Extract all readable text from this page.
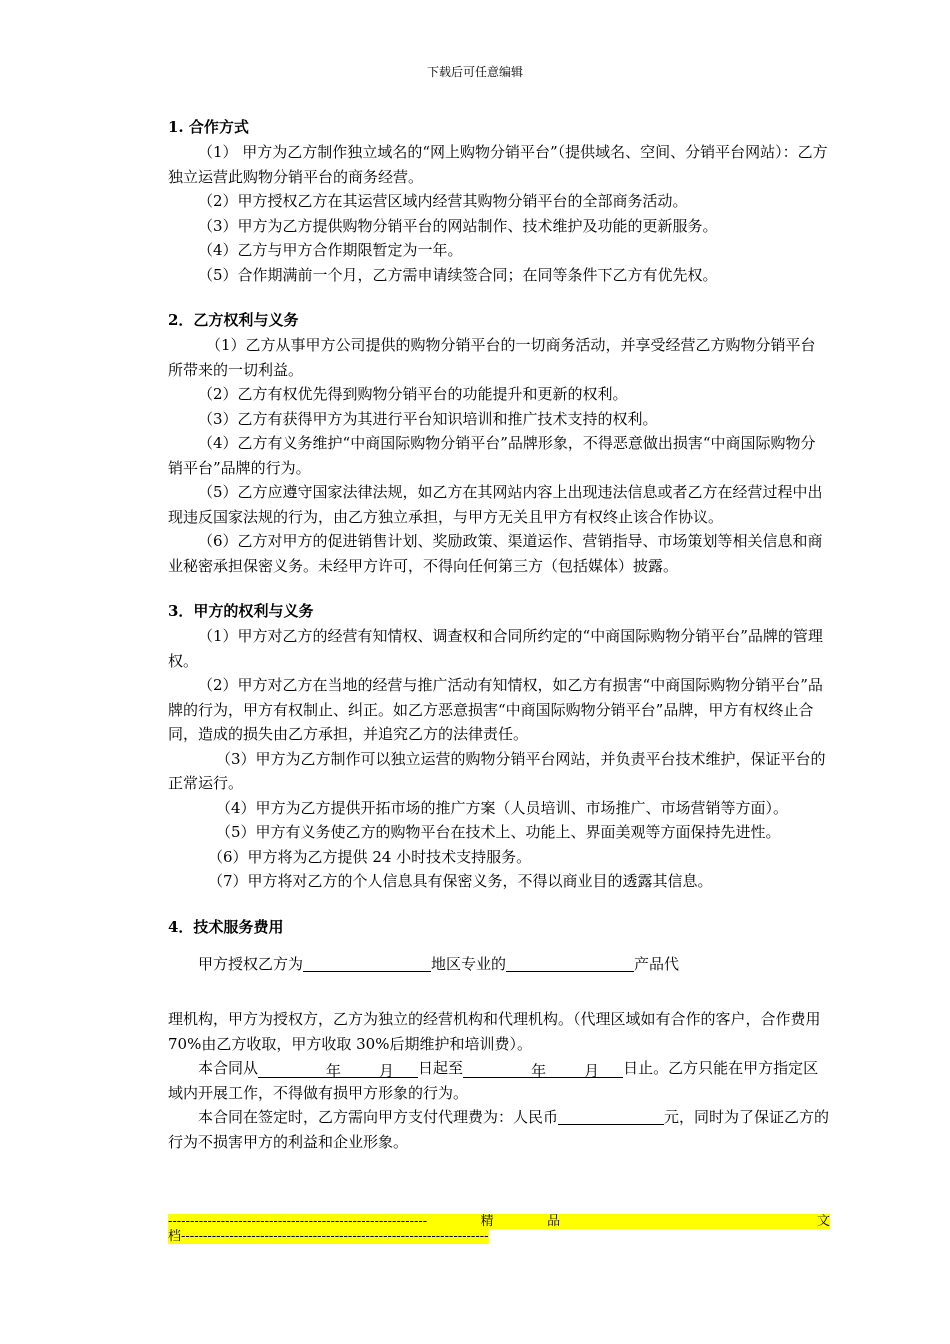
下载后可任意编辑
1. 合作方式

（1） 甲方为乙方制作独立域名的“网上购物分销平台”（提供域名、空间、分销平台网站）：乙方独立运营此购物分销平台的商务经营。

（2）甲方授权乙方在其运营区域内经营其购物分销平台的全部商务活动。

（3）甲方为乙方提供购物分销平台的网站制作、技术维护及功能的更新服务。

（4）乙方与甲方合作期限暂定为一年。

（5）合作期满前一个月，乙方需申请续签合同；在同等条件下乙方有优先权。

2．乙方权利与义务

（1）乙方从事甲方公司提供的购物分销平台的一切商务活动，并享受经营乙方购物分销平台所带来的一切利益。

（2）乙方有权优先得到购物分销平台的功能提升和更新的权利。

（3）乙方有获得甲方为其进行平台知识培训和推广技术支持的权利。

（4）乙方有义务维护“中商国际购物分销平台”品牌形象，不得恶意做出损害“中商国际购物分销平台”品牌的行为。

（5）乙方应遵守国家法律法规，如乙方在其网站内容上出现违法信息或者乙方在经营过程中出现违反国家法规的行为，由乙方独立承担，与甲方无关且甲方有权终止该合作协议。

（6）乙方对甲方的促进销售计划、奖励政策、渠道运作、营销指导、市场策划等相关信息和商业秘密承担保密义务。未经甲方许可，不得向任何第三方（包括媒体）披露。

3．甲方的权利与义务

（1）甲方对乙方的经营有知情权、调查权和合同所约定的“中商国际购物分销平台”品牌的管理权。

（2）甲方对乙方在当地的经营与推广活动有知情权，如乙方有损害“中商国际购物分销平台”品牌的行为，甲方有权制止、纠正。如乙方恶意损害“中商国际购物分销平台”品牌，甲方有权终止合同，造成的损失由乙方承担，并追究乙方的法律责任。

（3）甲方为乙方制作可以独立运营的购物分销平台网站，并负责平台技术维护，保证平台的正常运行。

（4）甲方为乙方提供开拓市场的推广方案（人员培训、市场推广、市场营销等方面）。

（5）甲方有义务使乙方的购物平台在技术上、功能上、界面美观等方面保持先进性。

（6）甲方将为乙方提供 24 小时技术支持服务。

（7）甲方将对乙方的个人信息具有保密义务，不得以商业目的透露其信息。

4．技术服务费用

甲方授权乙方为	地区专业的	产品代

理机构，甲方为授权方，乙方为独立的经营机构和代理机构。（代理区域如有合作的客户，合作费用 70%由乙方收取，甲方收取 30%后期维护和培训费）。

本合同从	年	月 日起至	年	月 日止。乙方只能在甲方指定区域内开展工作，不得做有损甲方形象的行为。

本合同在签定时，乙方需向甲方支付代理费为：人民币	元，同时为了保证乙方的行为不损害甲方的利益和企业形象。

-----------------------------------------------------------	精	品	文
档----------------------------------------------------------------------
